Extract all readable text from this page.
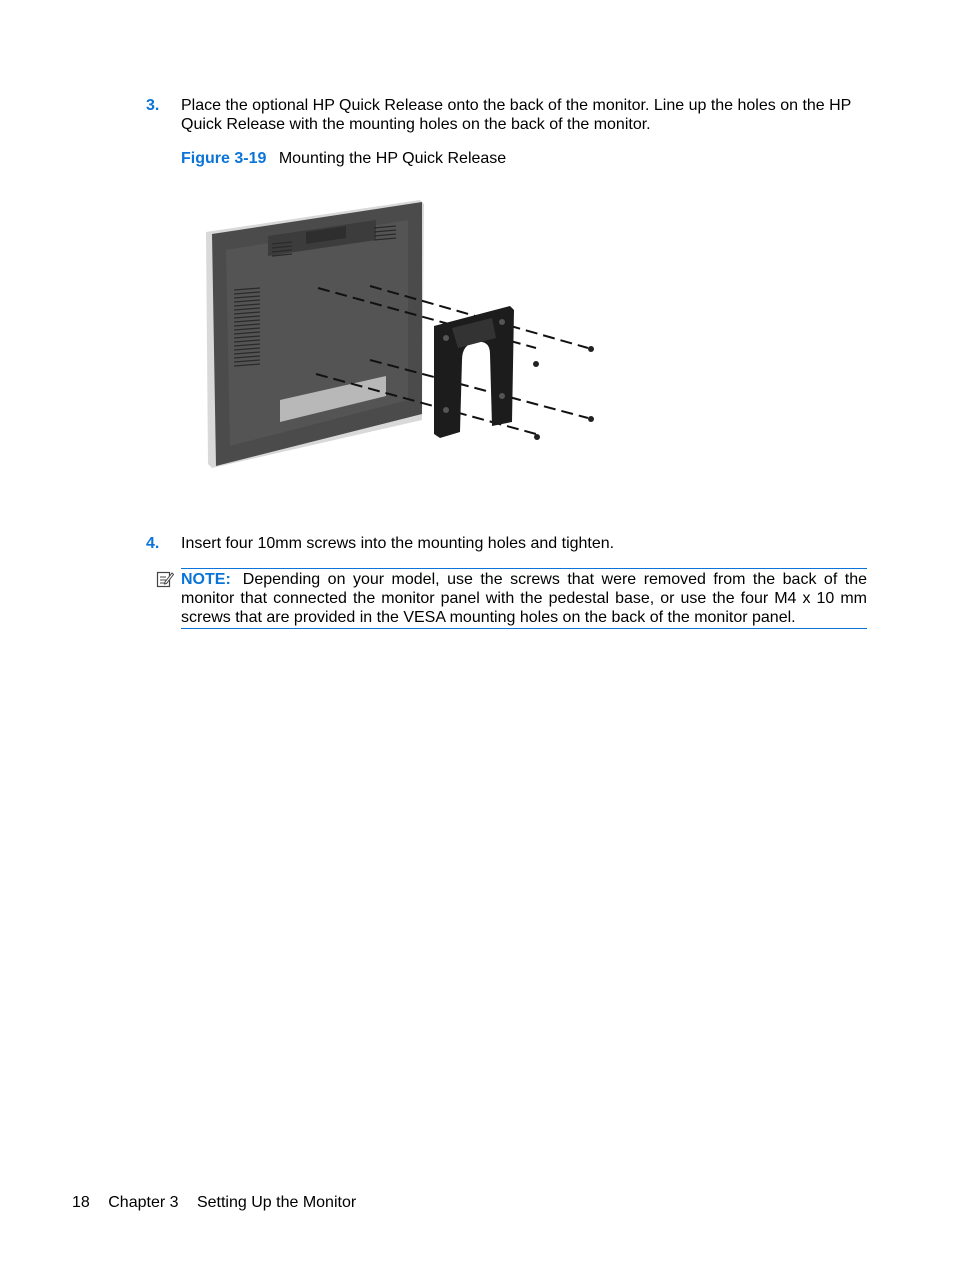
3. Place the optional HP Quick Release onto the back of the monitor. Line up the holes on the HP Quick Release with the mounting holes on the back of the monitor.
Figure 3-19 Mounting the HP Quick Release
4. Insert four 10mm screws into the mounting holes and tighten.
NOTE: Depending on your model, use the screws that were removed from the back of the monitor that connected the monitor panel with the pedestal base, or use the four M4 x 10 mm screws that are provided in the VESA mounting holes on the back of the monitor panel.
18 Chapter 3 Setting Up the Monitor
